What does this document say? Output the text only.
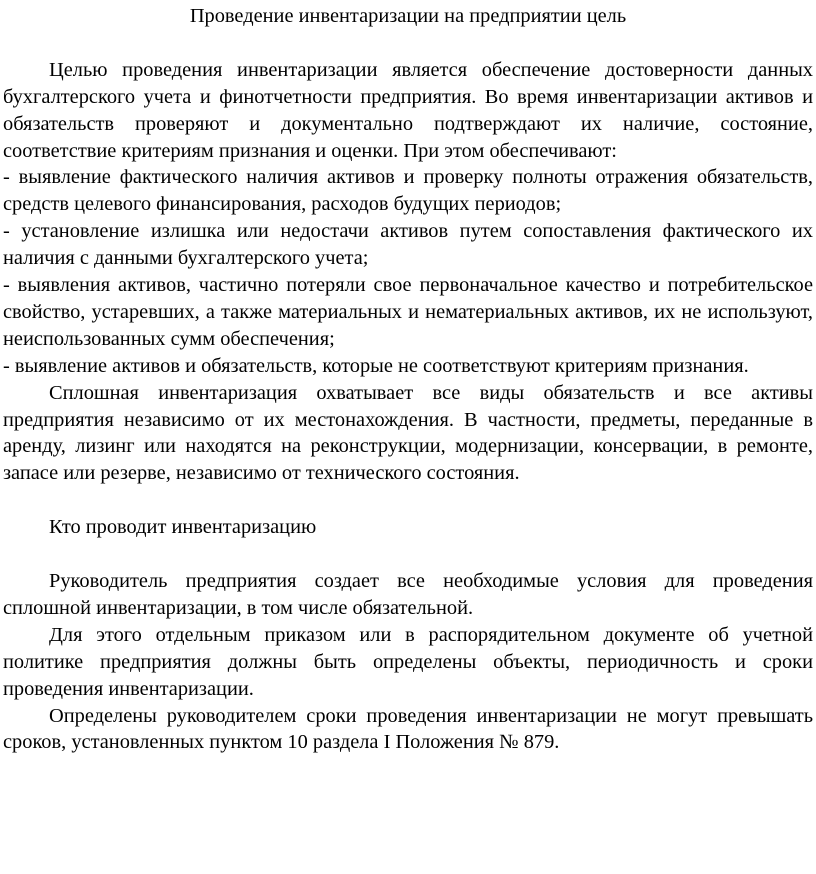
Проведение инвентаризации на предприятии цель

Целью проведения инвентаризации является обеспечение достоверности данных бухгалтерского учета и финотчетности предприятия. Во время инвентаризации активов и обязательств проверяют и документально подтверждают их наличие, состояние, соответствие критериям признания и оценки. При этом обеспечивают:

- выявление фактического наличия активов и проверку полноты отражения обязательств, средств целевого финансирования, расходов будущих периодов;

- установление излишка или недостачи активов путем сопоставления фактического их наличия с данными бухгалтерского учета;

- выявления активов, частично потеряли свое первоначальное качество и потребительское свойство, устаревших, а также материальных и нематериальных активов, их не используют, неиспользованных сумм обеспечения;

- выявление активов и обязательств, которые не соответствуют критериям признания.

Сплошная инвентаризация охватывает все виды обязательств и все активы предприятия независимо от их местонахождения. В частности, предметы, переданные в аренду, лизинг или находятся на реконструкции, модернизации, консервации, в ремонте, запасе или резерве, независимо от технического состояния.

Кто проводит инвентаризацию

Руководитель предприятия создает все необходимые условия для проведения сплошной инвентаризации, в том числе обязательной.

Для этого отдельным приказом или в распорядительном документе об учетной политике предприятия должны быть определены объекты, периодичность и сроки проведения инвентаризации.

Определены руководителем сроки проведения инвентаризации не могут превышать сроков, установленных пунктом 10 раздела I Положения № 879.
